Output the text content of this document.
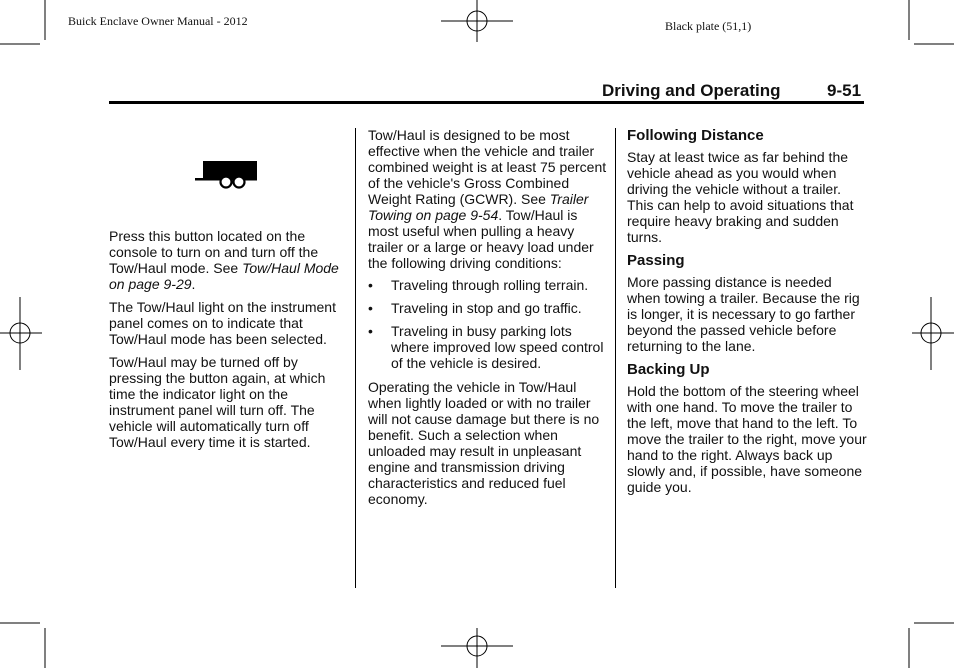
Buick Enclave Owner Manual - 2012	Black plate (51,1)
Driving and Operating	9-51

Press this button located on the console to turn on and turn off the Tow/Haul mode. See Tow/Haul Mode on page 9-29.

The Tow/Haul light on the instrument panel comes on to indicate that Tow/Haul mode has been selected.

Tow/Haul may be turned off by pressing the button again, at which time the indicator light on the instrument panel will turn off. The vehicle will automatically turn off Tow/Haul every time it is started.

Tow/Haul is designed to be most effective when the vehicle and trailer combined weight is at least 75 percent of the vehicle's Gross Combined Weight Rating (GCWR). See Trailer Towing on page 9-54. Tow/Haul is most useful when pulling a heavy trailer or a large or heavy load under the following driving conditions:

• Traveling through rolling terrain.
• Traveling in stop and go traffic.
• Traveling in busy parking lots where improved low speed control of the vehicle is desired.

Operating the vehicle in Tow/Haul when lightly loaded or with no trailer will not cause damage but there is no benefit. Such a selection when unloaded may result in unpleasant engine and transmission driving characteristics and reduced fuel economy.

Following Distance

Stay at least twice as far behind the vehicle ahead as you would when driving the vehicle without a trailer. This can help to avoid situations that require heavy braking and sudden turns.

Passing

More passing distance is needed when towing a trailer. Because the rig is longer, it is necessary to go farther beyond the passed vehicle before returning to the lane.

Backing Up

Hold the bottom of the steering wheel with one hand. To move the trailer to the left, move that hand to the left. To move the trailer to the right, move your hand to the right. Always back up slowly and, if possible, have someone guide you.
